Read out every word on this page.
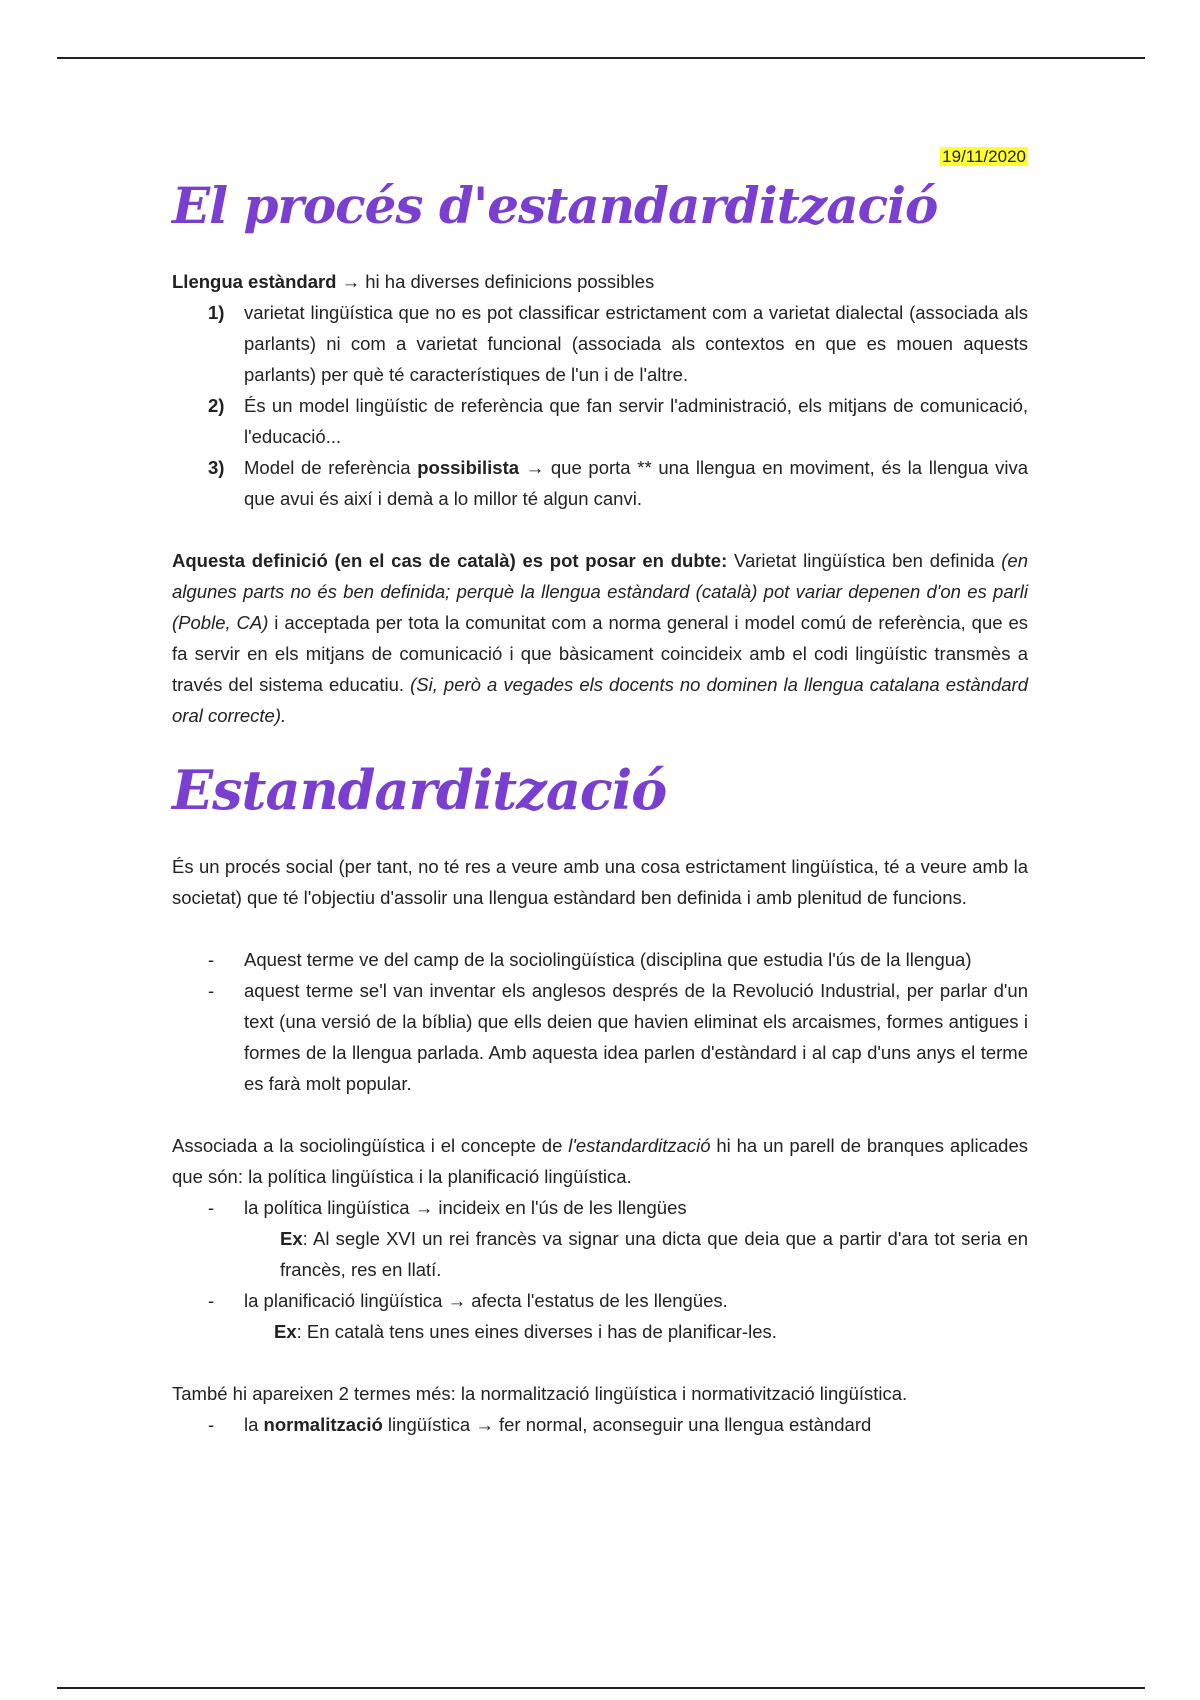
19/11/2020
El procés d'estandardització

Llengua estàndard → hi ha diverses definicions possibles

1) varietat lingüística que no es pot classificar estrictament com a varietat dialectal (associada als parlants) ni com a varietat funcional (associada als contextos en que es mouen aquests parlants) per què té característiques de l'un i de l'altre.
2) És un model lingüístic de referència que fan servir l'administració, els mitjans de comunicació, l'educació...
3) Model de referència possibilista → que porta ** una llengua en moviment, és la llengua viva que avui és així i demà a lo millor té algun canvi.

Aquesta definició (en el cas de català) es pot posar en dubte: Varietat lingüística ben definida (en algunes parts no és ben definida; perquè la llengua estàndard (català) pot variar depenen d'on es parli (Poble, CA) i acceptada per tota la comunitat com a norma general i model comú de referència, que es fa servir en els mitjans de comunicació i que bàsicament coincideix amb el codi lingüístic transmès a través del sistema educatiu. (Si, però a vegades els docents no dominen la llengua catalana estàndard oral correcte).

Estandardització

És un procés social (per tant, no té res a veure amb una cosa estrictament lingüística, té a veure amb la societat) que té l'objectiu d'assolir una llengua estàndard ben definida i amb plenitud de funcions.

- Aquest terme ve del camp de la sociolingüística (disciplina que estudia l'ús de la llengua)
- aquest terme se'l van inventar els anglesos després de la Revolució Industrial, per parlar d'un text (una versió de la bíblia) que ells deien que havien eliminat els arcaismes, formes antigues i formes de la llengua parlada. Amb aquesta idea parlen d'estàndard i al cap d'uns anys el terme es farà molt popular.

Associada a la sociolingüística i el concepte de l'estandardització hi ha un parell de branques aplicades que són: la política lingüística i la planificació lingüística.

- la política lingüística → incideix en l'ús de les llengües
Ex: Al segle XVI un rei francès va signar una dicta que deia que a partir d'ara tot seria en francès, res en llatí.
- la planificació lingüística → afecta l'estatus de les llengües.
Ex: En català tens unes eines diverses i has de planificar-les.

També hi apareixen 2 termes més: la normalització lingüística i normativització lingüística.

- la normalització lingüística → fer normal, aconseguir una llengua estàndard
